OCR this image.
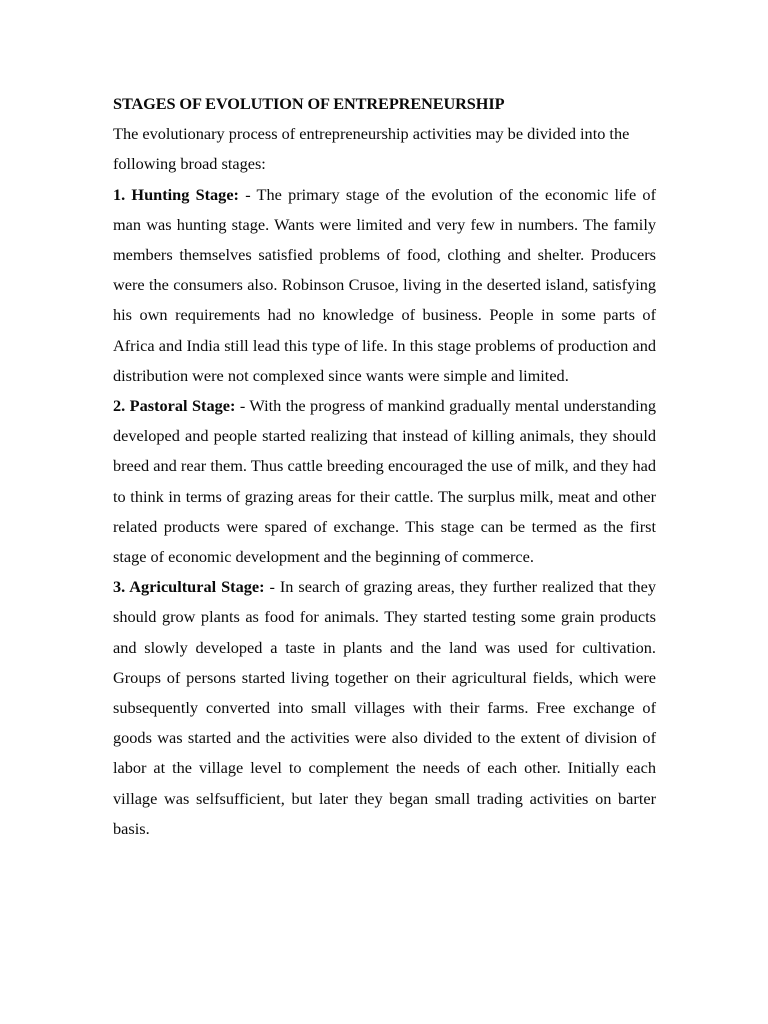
STAGES OF EVOLUTION OF ENTREPRENEURSHIP

The evolutionary process of entrepreneurship activities may be divided into the following broad stages:

1. Hunting Stage: - The primary stage of the evolution of the economic life of man was hunting stage. Wants were limited and very few in numbers. The family members themselves satisfied problems of food, clothing and shelter. Producers were the consumers also. Robinson Crusoe, living in the deserted island, satisfying his own requirements had no knowledge of business. People in some parts of Africa and India still lead this type of life. In this stage problems of production and distribution were not complexed since wants were simple and limited.

2. Pastoral Stage: - With the progress of mankind gradually mental understanding developed and people started realizing that instead of killing animals, they should breed and rear them. Thus cattle breeding encouraged the use of milk, and they had to think in terms of grazing areas for their cattle. The surplus milk, meat and other related products were spared of exchange. This stage can be termed as the first stage of economic development and the beginning of commerce.

3. Agricultural Stage: - In search of grazing areas, they further realized that they should grow plants as food for animals. They started testing some grain products and slowly developed a taste in plants and the land was used for cultivation. Groups of persons started living together on their agricultural fields, which were subsequently converted into small villages with their farms. Free exchange of goods was started and the activities were also divided to the extent of division of labor at the village level to complement the needs of each other. Initially each village was selfsufficient, but later they began small trading activities on barter basis.
